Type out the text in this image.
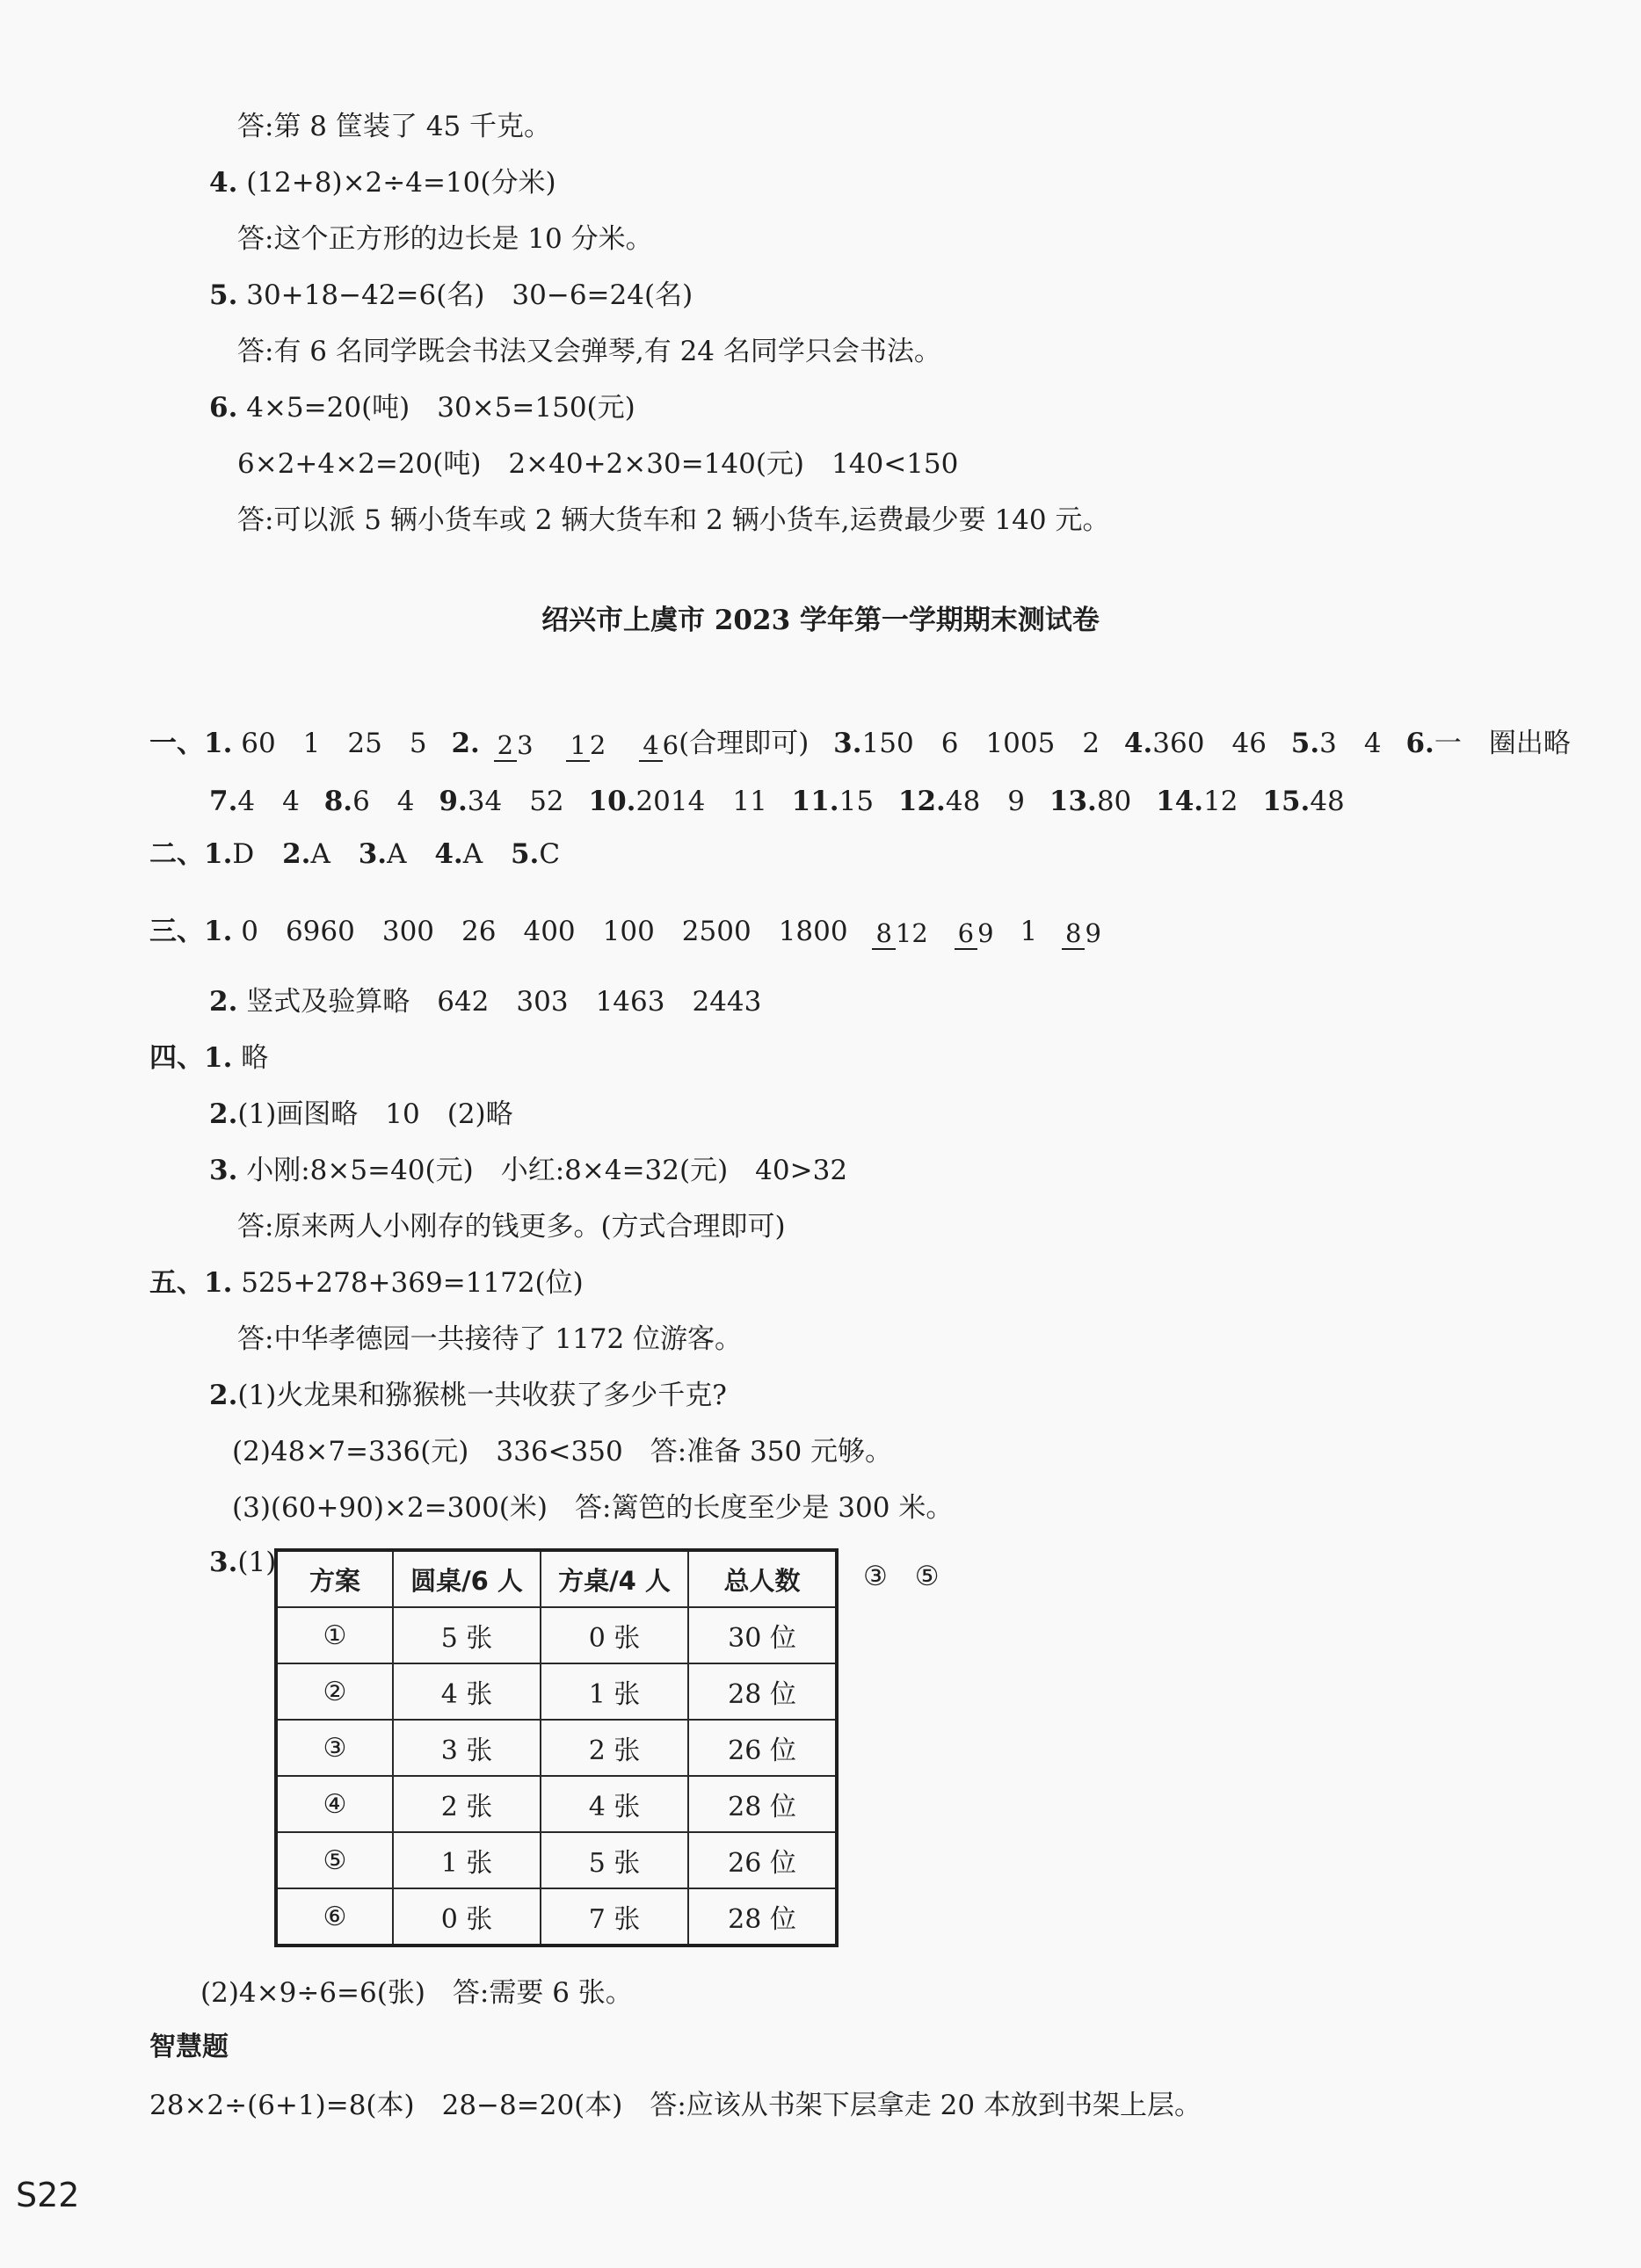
答:第 8 筐装了 45 千克。
4. (12+8)×2÷4=10(分米)
答:这个正方形的边长是 10 分米。
5. 30+18−42=6(名)　30−6=24(名)
答:有 6 名同学既会书法又会弹琴,有 24 名同学只会书法。
6. 4×5=20(吨)　30×5=150(元)
6×2+4×2=20(吨)　2×40+2×30=140(元)　140<150
答:可以派 5 辆小货车或 2 辆大货车和 2 辆小货车,运费最少要 140 元。
绍兴市上虞市 2023 学年第一学期期末测试卷
一、1. 60　1　25　5 2. 2 3 1 2 4 6(合理即可) 3.150　6　1005　2 4.360　46 5.3　4 6.一　圈出略
7.4　4 8.6　4 9.34　52 10.2014　11 11.15 12.48　9 13.80 14.12 15.48
二、1.D 2.A 3.A 4.A 5.C
三、1. 0　6960　300　26　400　100　2500　1800 8 12 6 9 1 8 9
2. 竖式及验算略　642　303　1463　2443
四、1. 略
2.(1)画图略　10　(2)略
3. 小刚:8×5=40(元)　小红:8×4=32(元)　40>32
答:原来两人小刚存的钱更多。(方式合理即可)
五、1. 525+278+369=1172(位)
答:中华孝德园一共接待了 1172 位游客。
2.(1)火龙果和猕猴桃一共收获了多少千克?
(2)48×7=336(元)　336<350　答:准备 350 元够。
(3)(60+90)×2=300(米)　答:篱笆的长度至少是 300 米。
3.(1)
方案	圆桌/6 人	方桌/4 人	总人数
①	5 张	0 张	30 位
②	4 张	1 张	28 位
③	3 张	2 张	26 位
④	2 张	4 张	28 位
⑤	1 张	5 张	26 位
⑥	0 张	7 张	28 位
③　⑤
(2)4×9÷6=6(张)　答:需要 6 张。
智慧题
28×2÷(6+1)=8(本)　28−8=20(本)　答:应该从书架下层拿走 20 本放到书架上层。
S22
